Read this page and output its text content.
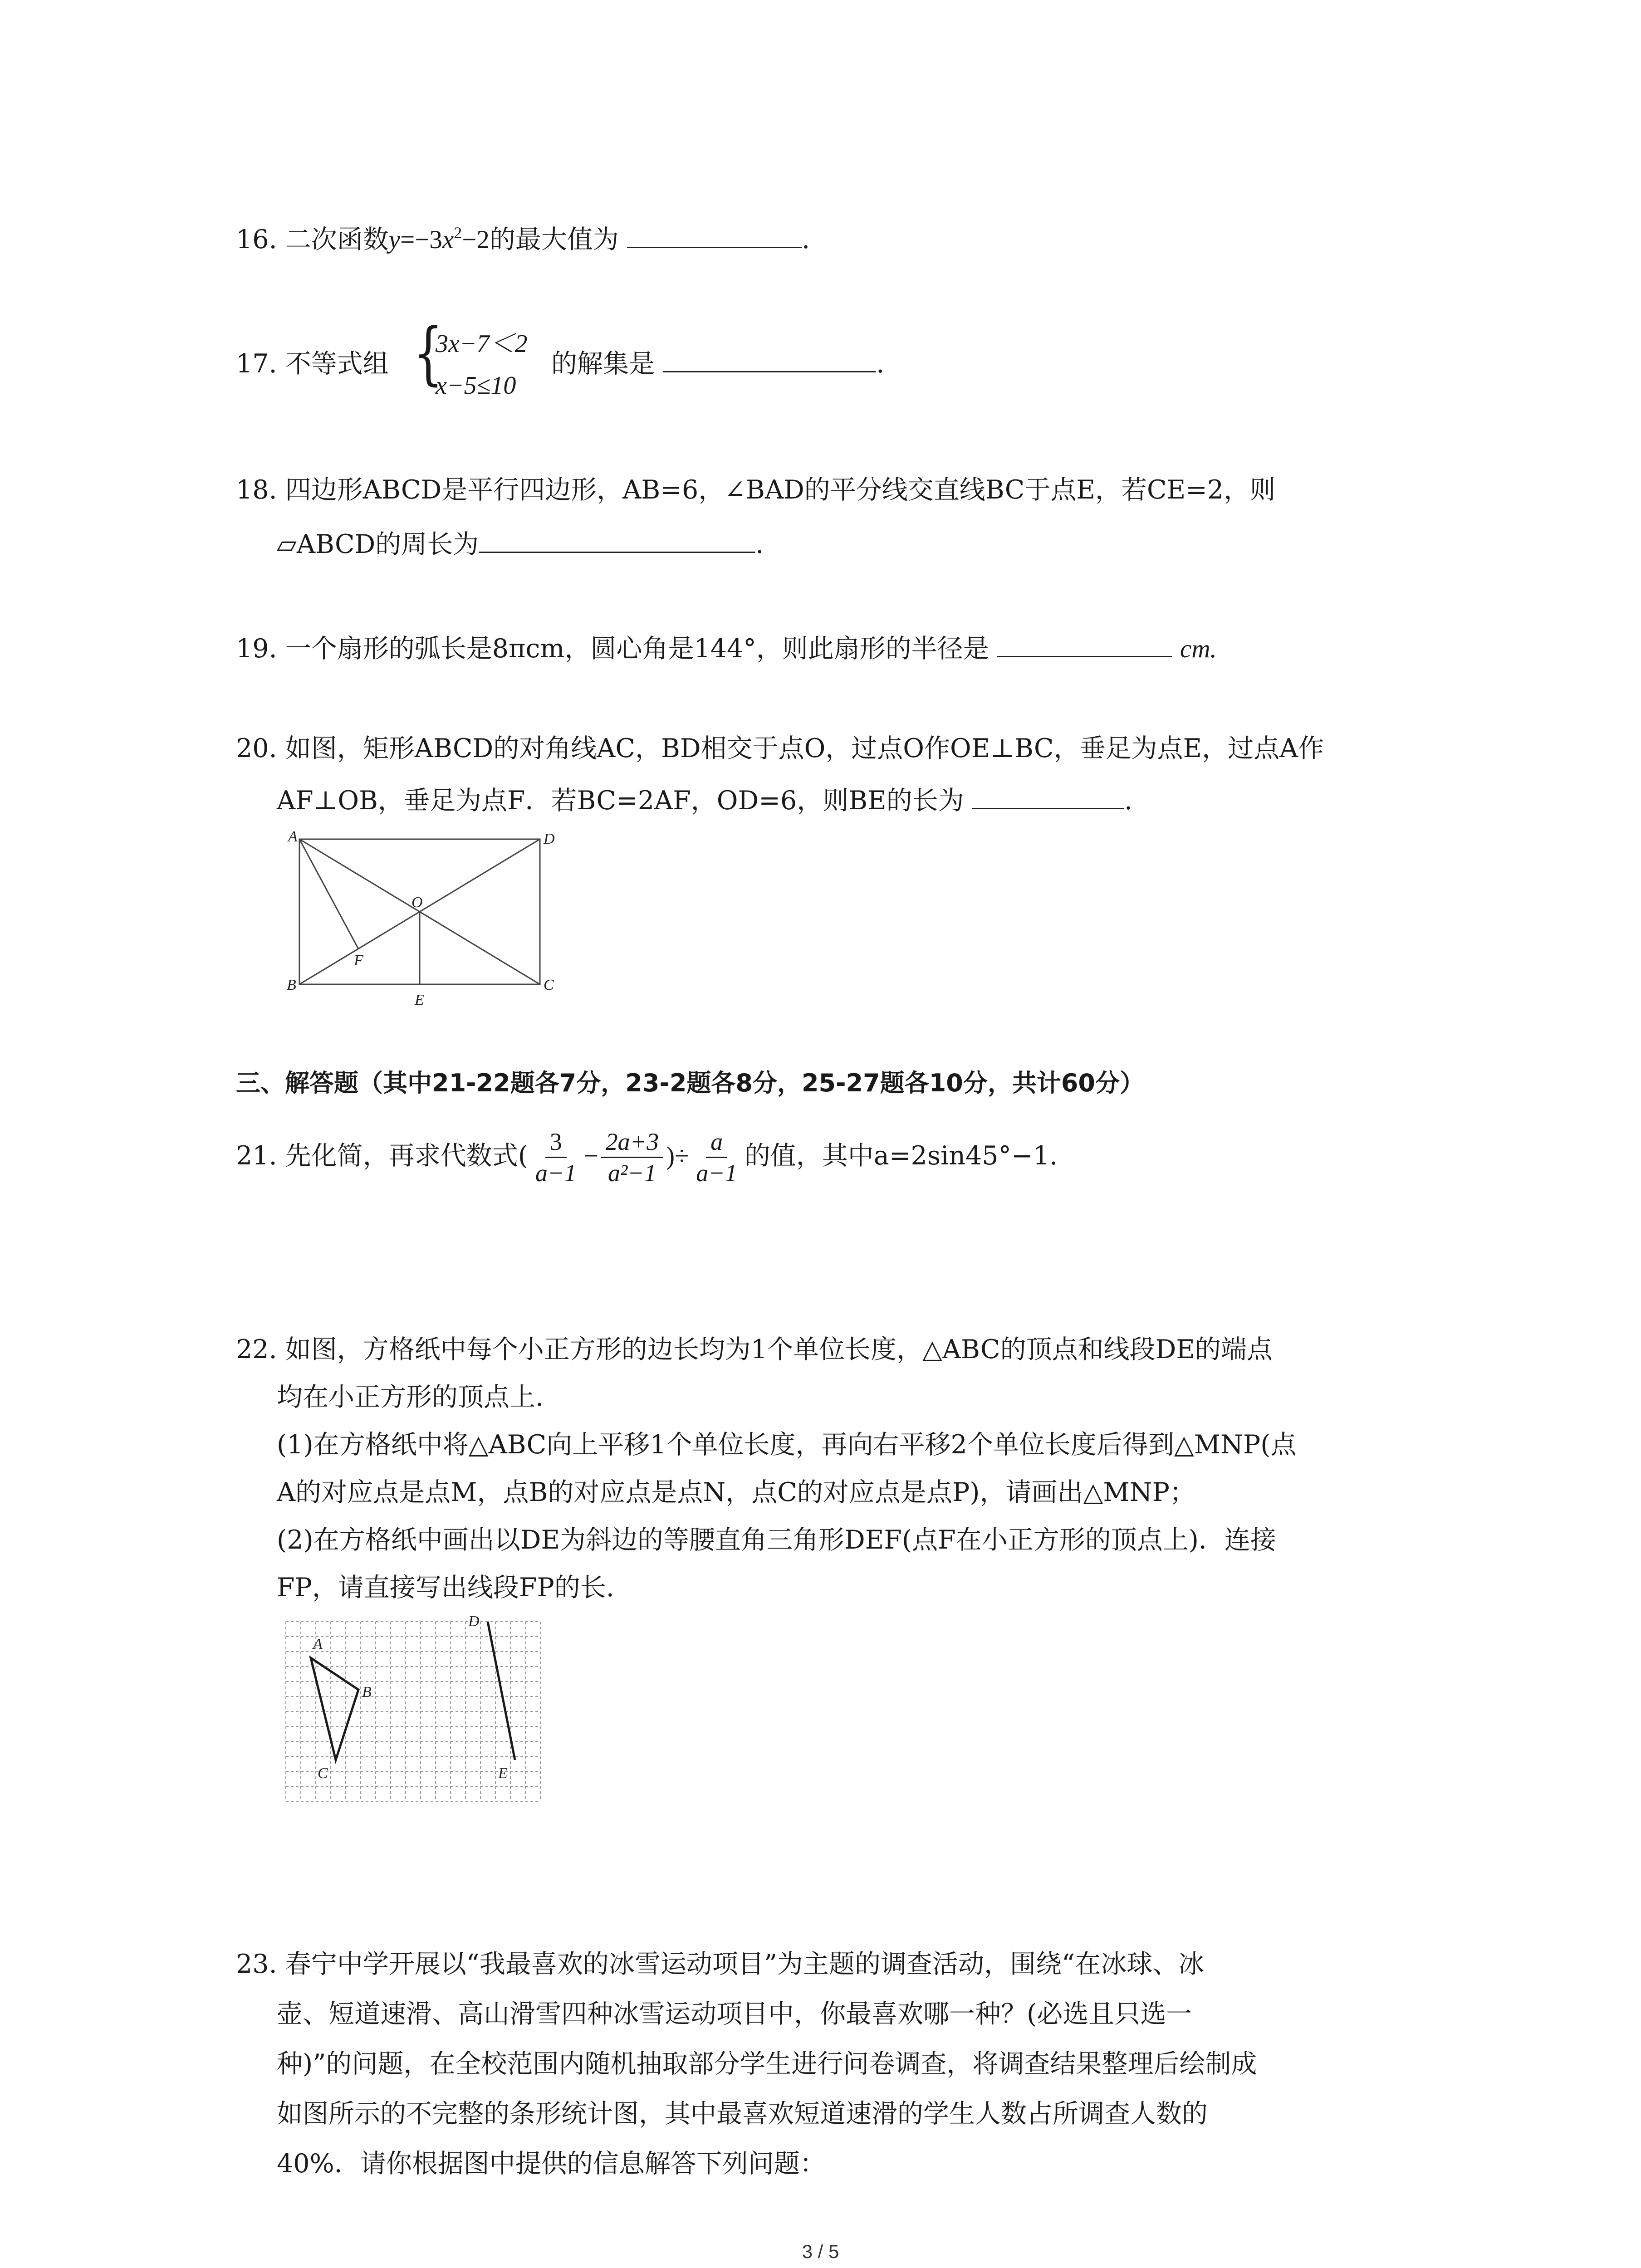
16. 二次函数$y=-3x^2-2$的最大值为	.
17. 不等式组 {
3x−7＜2
x−5≤10
的解集是	.
18. 四边形ABCD是平行四边形，AB=6，∠BAD的平分线交直线BC于点E，若CE=2，则
▱ABCD的周长为	.
19. 一个扇形的弧长是8πcm，圆心角是144°，则此扇形的半径是	cm.
20. 如图，矩形ABCD的对角线AC，BD相交于点O，过点O作OE⊥BC，垂足为点E，过点A作
AF⊥OB，垂足为点F．若BC=2AF，OD=6，则BE的长为	.
A	D
O
F
B
E
C
三、解答题（其中21-22题各7分，23-2题各8分，25-27题各10分，共计60分）
21. 先化简，再求代数式( $\frac{3}{a-1} - \frac{2a+3}{\text{a²−1}}$ )÷ $\frac{a}{a-1}$ 的值，其中a=2sin45°−1.
22. 如图，方格纸中每个小正方形的边长均为1个单位长度，△ABC的顶点和线段DE的端点
均在小正方形的顶点上.
(1)在方格纸中将△ABC向上平移1个单位长度，再向右平移2个单位长度后得到△MNP(点
A的对应点是点M，点B的对应点是点N，点C的对应点是点P)，请画出△MNP；
(2)在方格纸中画出以DE为斜边的等腰直角三角形DEF(点F在小正方形的顶点上)．连接
FP，请直接写出线段FP的长.
A
B
C
D
E
23. 春宁中学开展以“我最喜欢的冰雪运动项目”为主题的调查活动，围绕“在冰球、冰
壶、短道速滑、高山滑雪四种冰雪运动项目中，你最喜欢哪一种？(必选且只选一
种)”的问题，在全校范围内随机抽取部分学生进行问卷调查，将调查结果整理后绘制成
如图所示的不完整的条形统计图，其中最喜欢短道速滑的学生人数占所调查人数的
40%．请你根据图中提供的信息解答下列问题：
3 / 5
